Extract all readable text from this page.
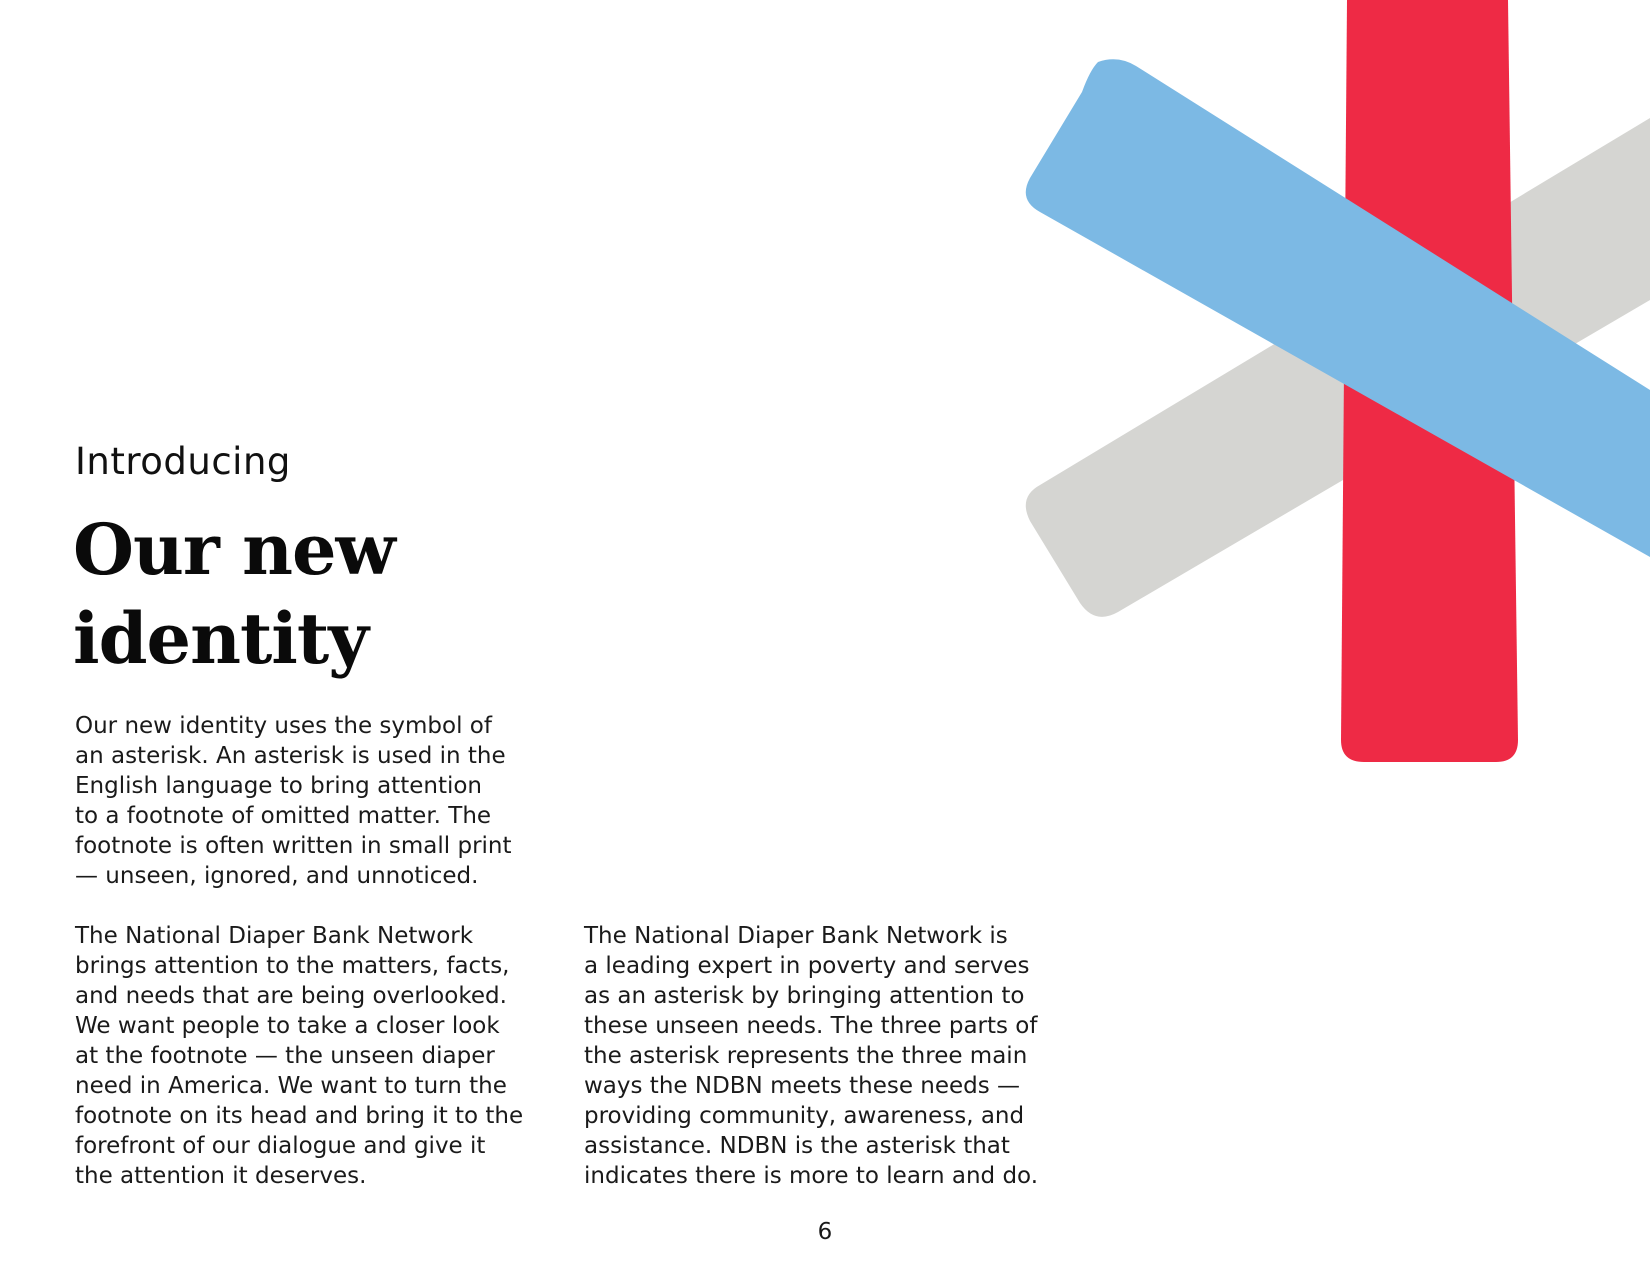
Introducing
Our new identity

Our new identity uses the symbol of
an asterisk. An asterisk is used in the
English language to bring attention
to a footnote of omitted matter. The
footnote is often written in small print
— unseen, ignored, and unnoticed.

The National Diaper Bank Network
brings attention to the matters, facts,
and needs that are being overlooked.
We want people to take a closer look
at the footnote — the unseen diaper
need in America. We want to turn the
footnote on its head and bring it to the
forefront of our dialogue and give it
the attention it deserves.

The National Diaper Bank Network is
a leading expert in poverty and serves
as an asterisk by bringing attention to
these unseen needs. The three parts of
the asterisk represents the three main
ways the NDBN meets these needs —
providing community, awareness, and
assistance. NDBN is the asterisk that
indicates there is more to learn and do.

6
